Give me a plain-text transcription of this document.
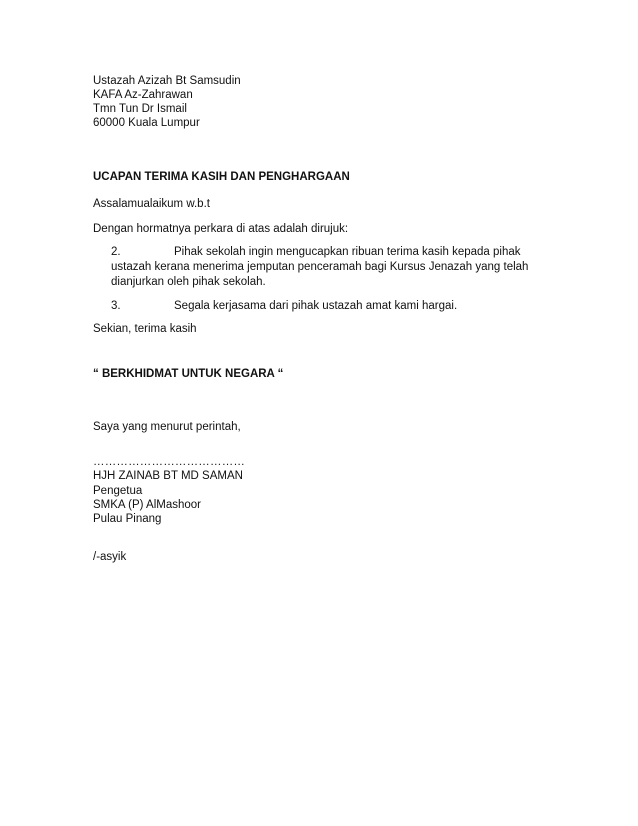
Ustazah Azizah Bt Samsudin
KAFA Az-Zahrawan
Tmn Tun Dr Ismail
60000 Kuala Lumpur
UCAPAN TERIMA KASIH DAN PENGHARGAAN
Assalamualaikum w.b.t
Dengan hormatnya perkara di atas adalah dirujuk:
2.	Pihak sekolah ingin mengucapkan ribuan terima kasih kepada pihak
ustazah kerana menerima jemputan penceramah bagi Kursus Jenazah yang telah
dianjurkan oleh pihak sekolah.
3.	Segala kerjasama dari pihak ustazah amat kami hargai.
Sekian, terima kasih
“ BERKHIDMAT UNTUK NEGARA “
Saya yang menurut perintah,
…………………………………
HJH ZAINAB BT MD SAMAN
Pengetua
SMKA (P) AlMashoor
Pulau Pinang
/-asyik
